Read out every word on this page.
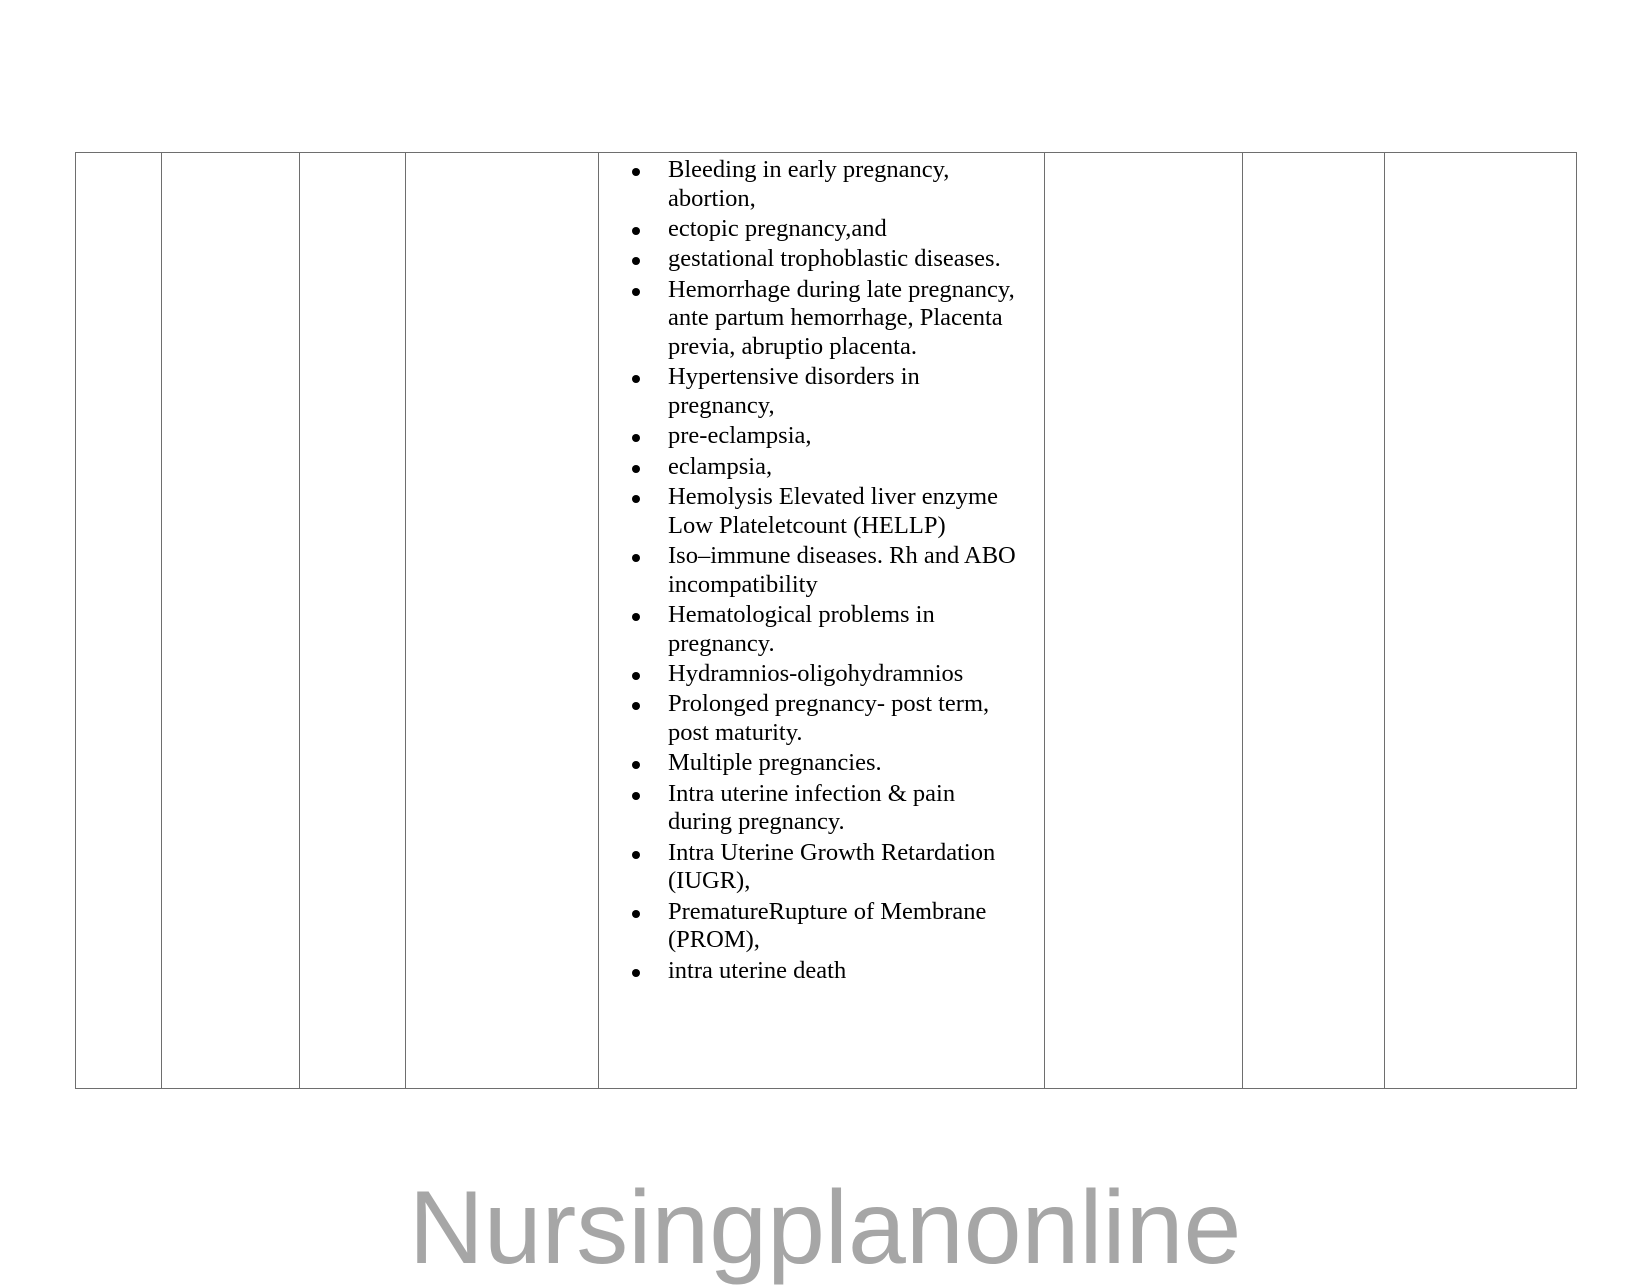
Bleeding in early pregnancy, abortion,
ectopic pregnancy,and
gestational trophoblastic diseases.
Hemorrhage during late pregnancy, ante partum hemorrhage, Placenta previa, abruptio placenta.
Hypertensive disorders in pregnancy,
pre-eclampsia,
eclampsia,
Hemolysis Elevated liver enzyme Low Plateletcount (HELLP)
Iso–immune diseases. Rh and ABO incompatibility
Hematological problems in pregnancy.
Hydramnios-oligohydramnios
Prolonged pregnancy- post term, post maturity.
Multiple pregnancies.
Intra uterine infection & pain during pregnancy.
Intra Uterine Growth Retardation (IUGR),
PrematureRupture of Membrane (PROM),
intra uterine death

Nursingplanonline
